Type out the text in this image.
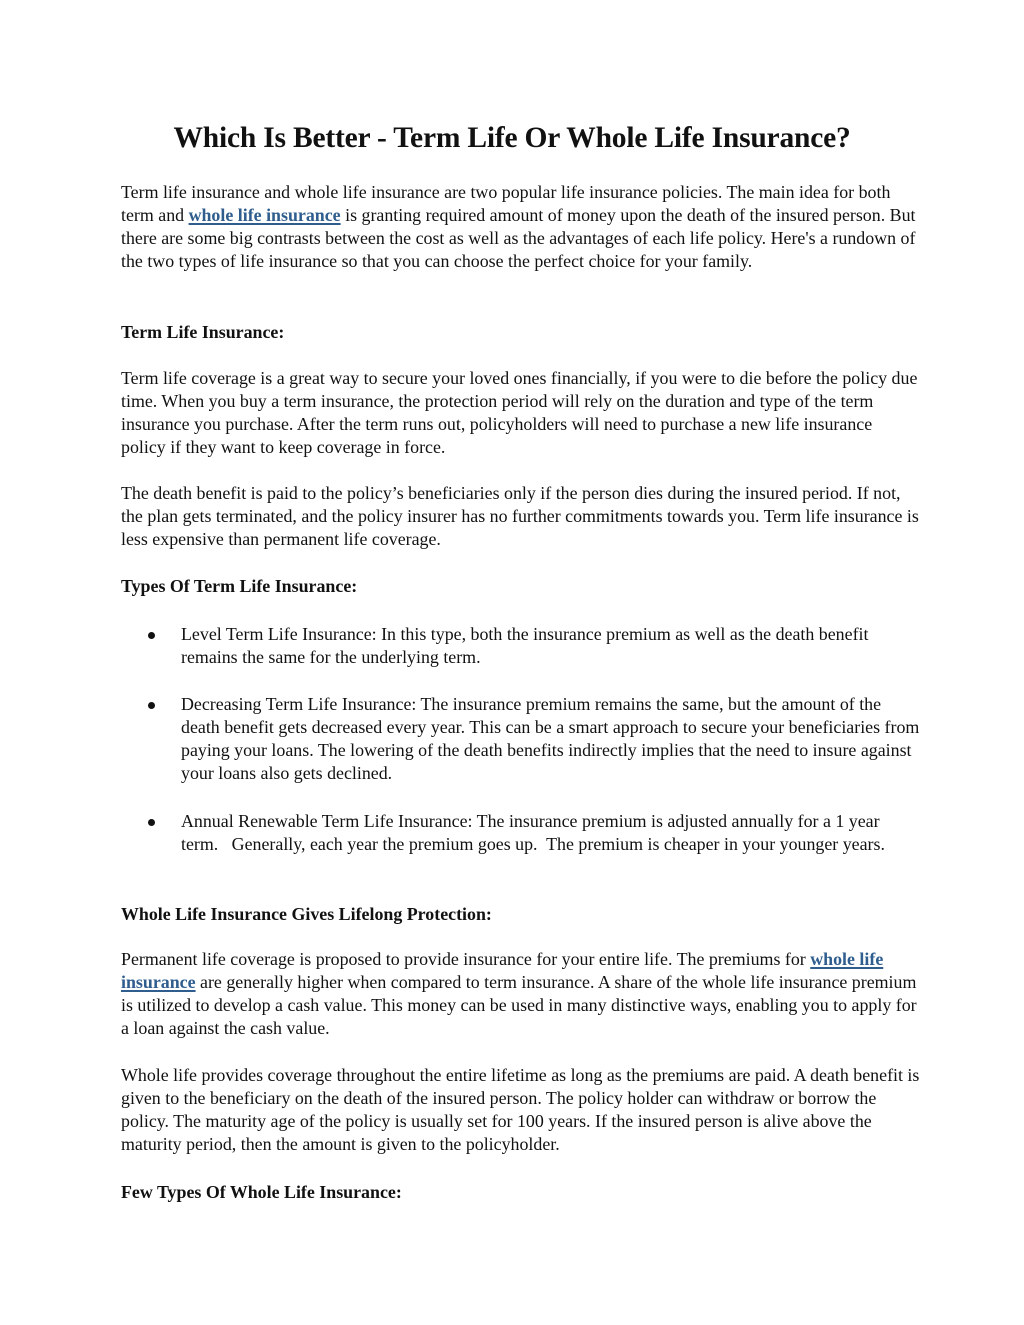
Which Is Better - Term Life Or Whole Life Insurance?

Term life insurance and whole life insurance are two popular life insurance policies. The main idea for both term and whole life insurance is granting required amount of money upon the death of the insured person. But there are some big contrasts between the cost as well as the advantages of each life policy. Here's a rundown of the two types of life insurance so that you can choose the perfect choice for your family.

Term Life Insurance:

Term life coverage is a great way to secure your loved ones financially, if you were to die before the policy due time. When you buy a term insurance, the protection period will rely on the duration and type of the term insurance you purchase. After the term runs out, policyholders will need to purchase a new life insurance policy if they want to keep coverage in force.

The death benefit is paid to the policy’s beneficiaries only if the person dies during the insured period. If not, the plan gets terminated, and the policy insurer has no further commitments towards you. Term life insurance is less expensive than permanent life coverage.

Types Of Term Life Insurance:

Level Term Life Insurance: In this type, both the insurance premium as well as the death benefit remains the same for the underlying term.
Decreasing Term Life Insurance: The insurance premium remains the same, but the amount of the death benefit gets decreased every year. This can be a smart approach to secure your beneficiaries from paying your loans. The lowering of the death benefits indirectly implies that the need to insure against your loans also gets declined.
Annual Renewable Term Life Insurance: The insurance premium is adjusted annually for a 1 year term.   Generally, each year the premium goes up.  The premium is cheaper in your younger years.

Whole Life Insurance Gives Lifelong Protection:

Permanent life coverage is proposed to provide insurance for your entire life. The premiums for whole life insurance are generally higher when compared to term insurance. A share of the whole life insurance premium is utilized to develop a cash value. This money can be used in many distinctive ways, enabling you to apply for a loan against the cash value.

Whole life provides coverage throughout the entire lifetime as long as the premiums are paid. A death benefit is given to the beneficiary on the death of the insured person. The policy holder can withdraw or borrow the policy. The maturity age of the policy is usually set for 100 years. If the insured person is alive above the maturity period, then the amount is given to the policyholder.

Few Types Of Whole Life Insurance:
